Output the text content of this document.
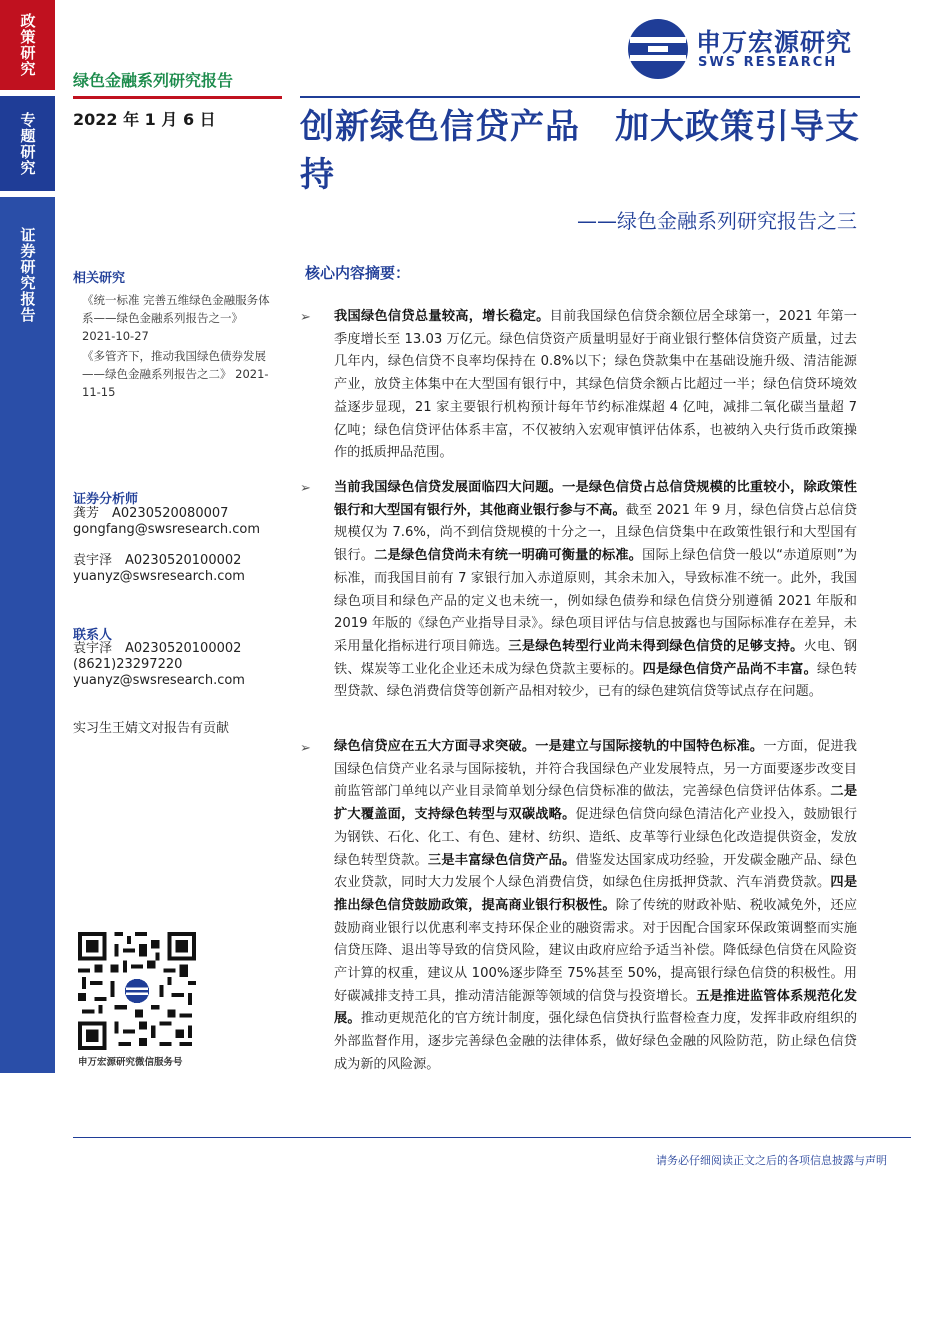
政策研究
专题研究
证券研究报告
申万宏源研究
SWS RESEARCH
绿色金融系列研究报告
2022 年 1 月 6 日 创新绿色信贷产品　加大政策引导支持
——绿色金融系列研究报告之三
相关研究
《统一标准 完善五维绿色金融服务体系——绿色金融系列报告之一》 2021-10-27
《多管齐下，推动我国绿色债券发展——绿色金融系列报告之二》 2021-11-15
证券分析师
龚芳　A0230520080007
gongfang@swsresearch.com
袁宇泽　A0230520100002
yuanyz@swsresearch.com
联系人
袁宇泽　A0230520100002
(8621)23297220
yuanyz@swsresearch.com
实习生王婧文对报告有贡献
申万宏源研究微信服务号
核心内容摘要：
➢ 我国绿色信贷总量较高，增长稳定。目前我国绿色信贷余额位居全球第一，2021 年第一季度增长至 13.03 万亿元。绿色信贷资产质量明显好于商业银行整体信贷资产质量，过去几年内，绿色信贷不良率均保持在 0.8%以下；绿色贷款集中在基础设施升级、清洁能源产业，放贷主体集中在大型国有银行中，其绿色信贷余额占比超过一半；绿色信贷环境效益逐步显现，21 家主要银行机构预计每年节约标准煤超 4 亿吨，减排二氧化碳当量超 7 亿吨；绿色信贷评估体系丰富，不仅被纳入宏观审慎评估体系，也被纳入央行货币政策操作的抵质押品范围。
➢ 当前我国绿色信贷发展面临四大问题。一是绿色信贷占总信贷规模的比重较小，除政策性银行和大型国有银行外，其他商业银行参与不高。截至 2021 年 9 月，绿色信贷占总信贷规模仅为 7.6%，尚不到信贷规模的十分之一，且绿色信贷集中在政策性银行和大型国有银行。二是绿色信贷尚未有统一明确可衡量的标准。国际上绿色信贷一般以“赤道原则”为标准，而我国目前有 7 家银行加入赤道原则，其余未加入，导致标准不统一。此外，我国绿色项目和绿色产品的定义也未统一，例如绿色债券和绿色信贷分别遵循 2021 年版和 2019 年版的《绿色产业指导目录》。绿色项目评估与信息披露也与国际标准存在差异，未采用量化指标进行项目筛选。三是绿色转型行业尚未得到绿色信贷的足够支持。火电、钢铁、煤炭等工业化企业还未成为绿色贷款主要标的。四是绿色信贷产品尚不丰富。绿色转型贷款、绿色消费信贷等创新产品相对较少，已有的绿色建筑信贷等试点存在问题。
➢ 绿色信贷应在五大方面寻求突破。一是建立与国际接轨的中国特色标准。一方面，促进我国绿色信贷产业名录与国际接轨，并符合我国绿色产业发展特点，另一方面要逐步改变目前监管部门单纯以产业目录简单划分绿色信贷标准的做法，完善绿色信贷评估体系。二是扩大覆盖面，支持绿色转型与双碳战略。促进绿色信贷向绿色清洁化产业投入，鼓励银行为钢铁、石化、化工、有色、建材、纺织、造纸、皮革等行业绿色化改造提供资金，发放绿色转型贷款。三是丰富绿色信贷产品。借鉴发达国家成功经验，开发碳金融产品、绿色农业贷款，同时大力发展个人绿色消费信贷，如绿色住房抵押贷款、汽车消费贷款。四是推出绿色信贷鼓励政策，提高商业银行积极性。除了传统的财政补贴、税收减免外，还应鼓励商业银行以优惠利率支持环保企业的融资需求。对于因配合国家环保政策调整而实施信贷压降、退出等导致的信贷风险，建议由政府应给予适当补偿。降低绿色信贷在风险资产计算的权重，建议从 100%逐步降至 75%甚至 50%，提高银行绿色信贷的积极性。用好碳减排支持工具，推动清洁能源等领域的信贷与投资增长。五是推进监管体系规范化发展。推动更规范化的官方统计制度，强化绿色信贷执行监督检查力度，发挥非政府组织的外部监督作用，逐步完善绿色金融的法律体系，做好绿色金融的风险防范，防止绿色信贷成为新的风险源。
请务必仔细阅读正文之后的各项信息披露与声明
